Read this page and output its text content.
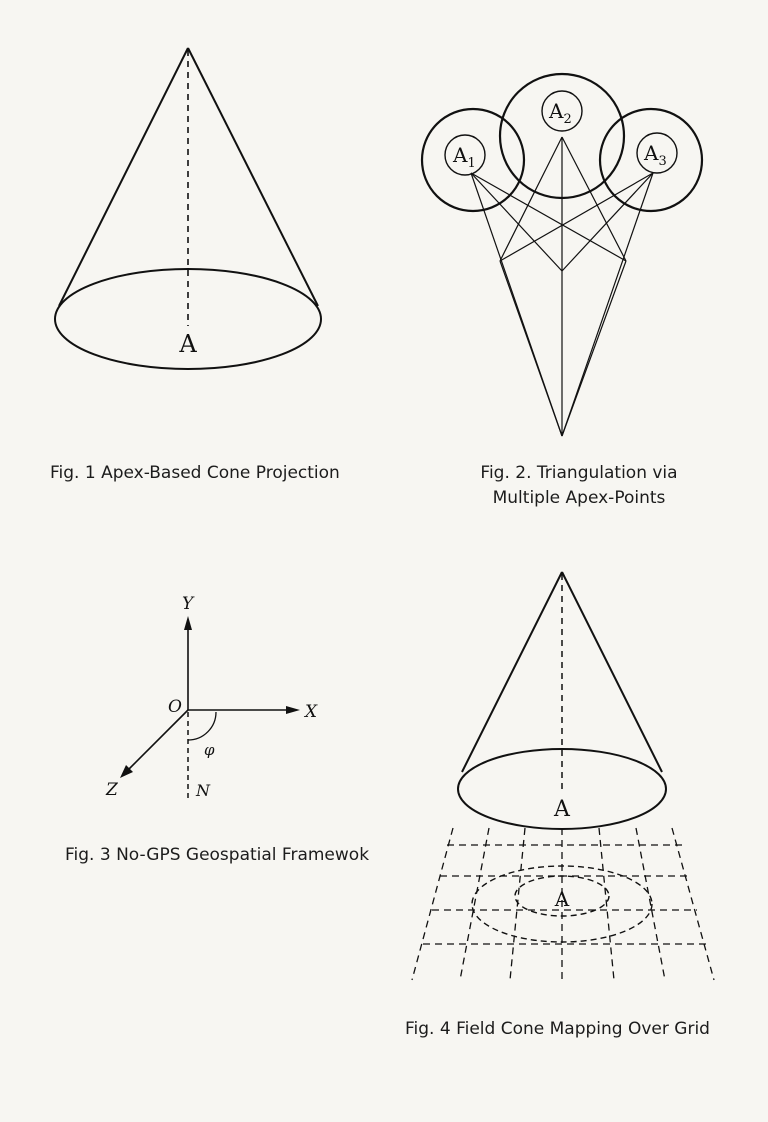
A
Fig. 1 Apex-Based Cone Projection
$A_1$
$A_2$
$A_3$
Fig. 2. Triangulation via
Multiple Apex-Points
Y
X
Z
O
N
φ
Fig. 3 No-GPS Geospatial Framewok
A
A
Fig. 4 Field Cone Mapping Over Grid
